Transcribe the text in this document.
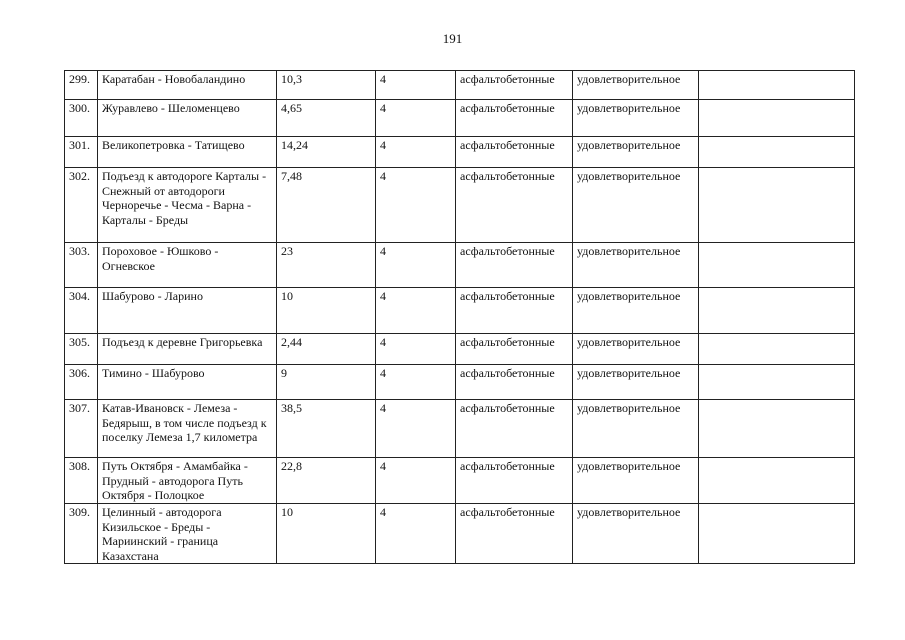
191
299.	Каратабан - Новобаландино	10,3	4	асфальтобетонные	удовлетворительное	
300.	Журавлево - Шеломенцево	4,65	4	асфальтобетонные	удовлетворительное	
301.	Великопетровка - Татищево	14,24	4	асфальтобетонные	удовлетворительное	
302.	Подъезд к автодороге Карталы - Снежный от автодороги Черноречье - Чесма - Варна - Карталы - Бреды	7,48	4	асфальтобетонные	удовлетворительное	
303.	Пороховое - Юшково - Огневское	23	4	асфальтобетонные	удовлетворительное	
304.	Шабурово - Ларино	10	4	асфальтобетонные	удовлетворительное	
305.	Подъезд к деревне Григорьевка	2,44	4	асфальтобетонные	удовлетворительное	
306.	Тимино - Шабурово	9	4	асфальтобетонные	удовлетворительное	
307.	Катав-Ивановск - Лемеза - Бедярыш, в том числе подъезд к поселку Лемеза 1,7 километра	38,5	4	асфальтобетонные	удовлетворительное	
308.	Путь Октября - Амамбайка - Прудный - автодорога Путь Октября - Полоцкое	22,8	4	асфальтобетонные	удовлетворительное	
309.	Целинный - автодорога Кизильское - Бреды - Мариинский - граница Казахстана	10	4	асфальтобетонные	удовлетворительное	
